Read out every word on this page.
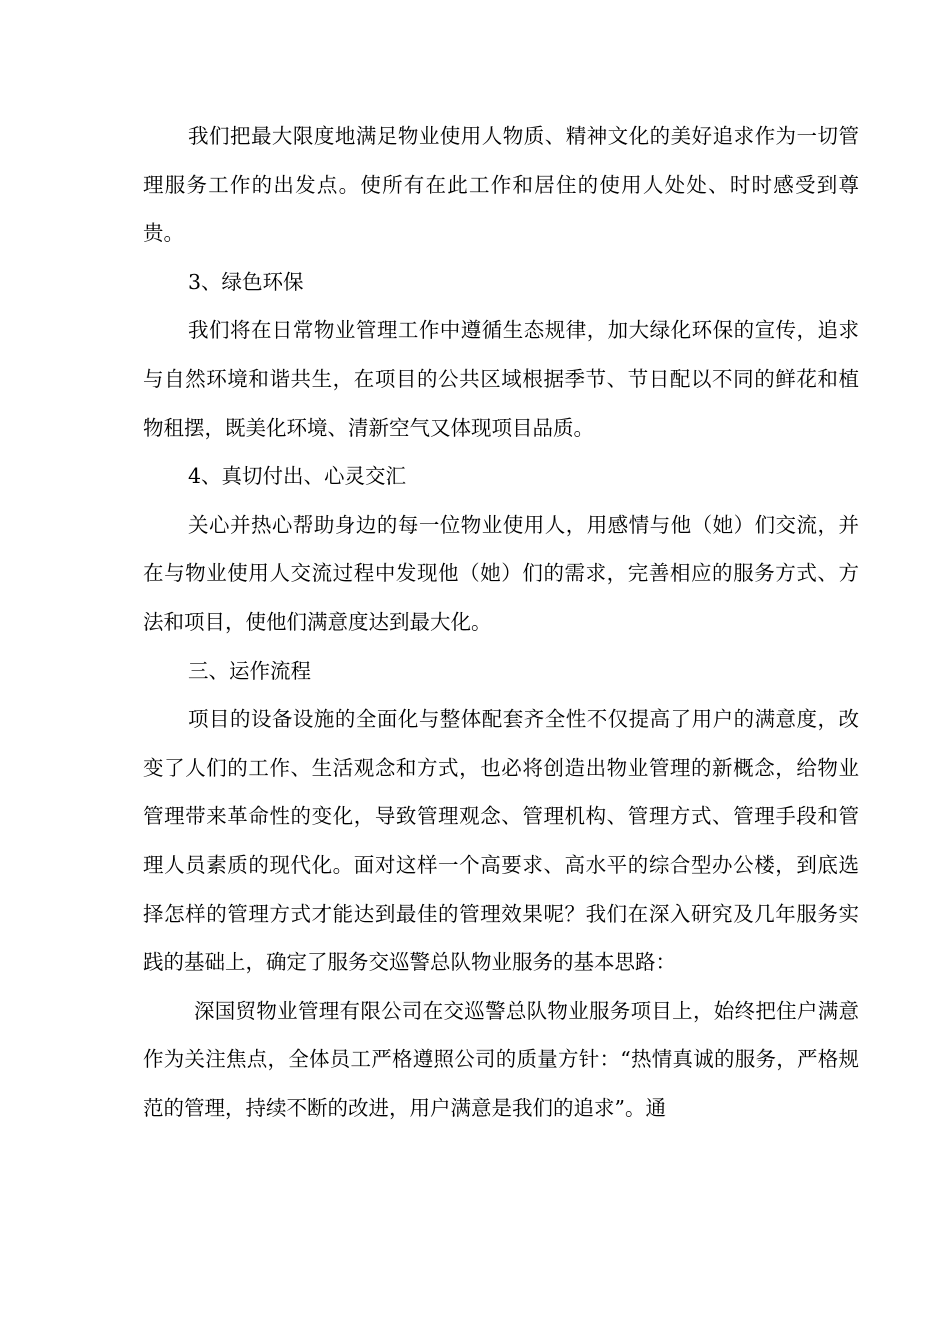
我们把最大限度地满足物业使用人物质、精神文化的美好追求作为一切管理服务工作的出发点。使所有在此工作和居住的使用人处处、时时感受到尊贵。

3、绿色环保

我们将在日常物业管理工作中遵循生态规律，加大绿化环保的宣传，追求与自然环境和谐共生，在项目的公共区域根据季节、节日配以不同的鲜花和植物租摆，既美化环境、清新空气又体现项目品质。

4、真切付出、心灵交汇

关心并热心帮助身边的每一位物业使用人，用感情与他（她）们交流，并在与物业使用人交流过程中发现他（她）们的需求，完善相应的服务方式、方法和项目，使他们满意度达到最大化。

三、运作流程

项目的设备设施的全面化与整体配套齐全性不仅提高了用户的满意度，改变了人们的工作、生活观念和方式，也必将创造出物业管理的新概念，给物业管理带来革命性的变化，导致管理观念、管理机构、管理方式、管理手段和管理人员素质的现代化。面对这样一个高要求、高水平的综合型办公楼，到底选择怎样的管理方式才能达到最佳的管理效果呢？我们在深入研究及几年服务实践的基础上，确定了服务交巡警总队物业服务的基本思路：

深国贸物业管理有限公司在交巡警总队物业服务项目上，始终把住户满意作为关注焦点，全体员工严格遵照公司的质量方针：“热情真诚的服务，严格规范的管理，持续不断的改进，用户满意是我们的追求”。通
